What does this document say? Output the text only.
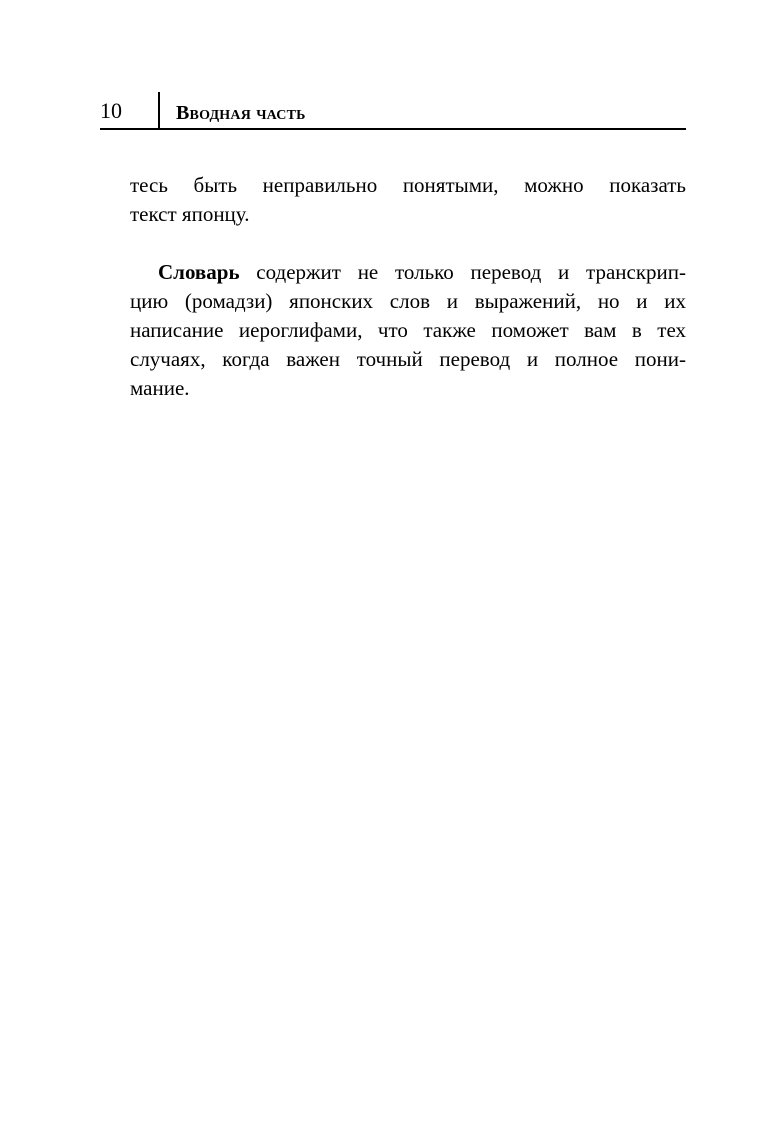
10	Вводная часть

тесь быть неправильно понятыми, можно показать
текст японцу.

Словарь содержит не только перевод и транскрип-
цию (ромадзи) японских слов и выражений, но и их
написание иероглифами, что также поможет вам в тех
случаях, когда важен точный перевод и полное пони-
мание.
